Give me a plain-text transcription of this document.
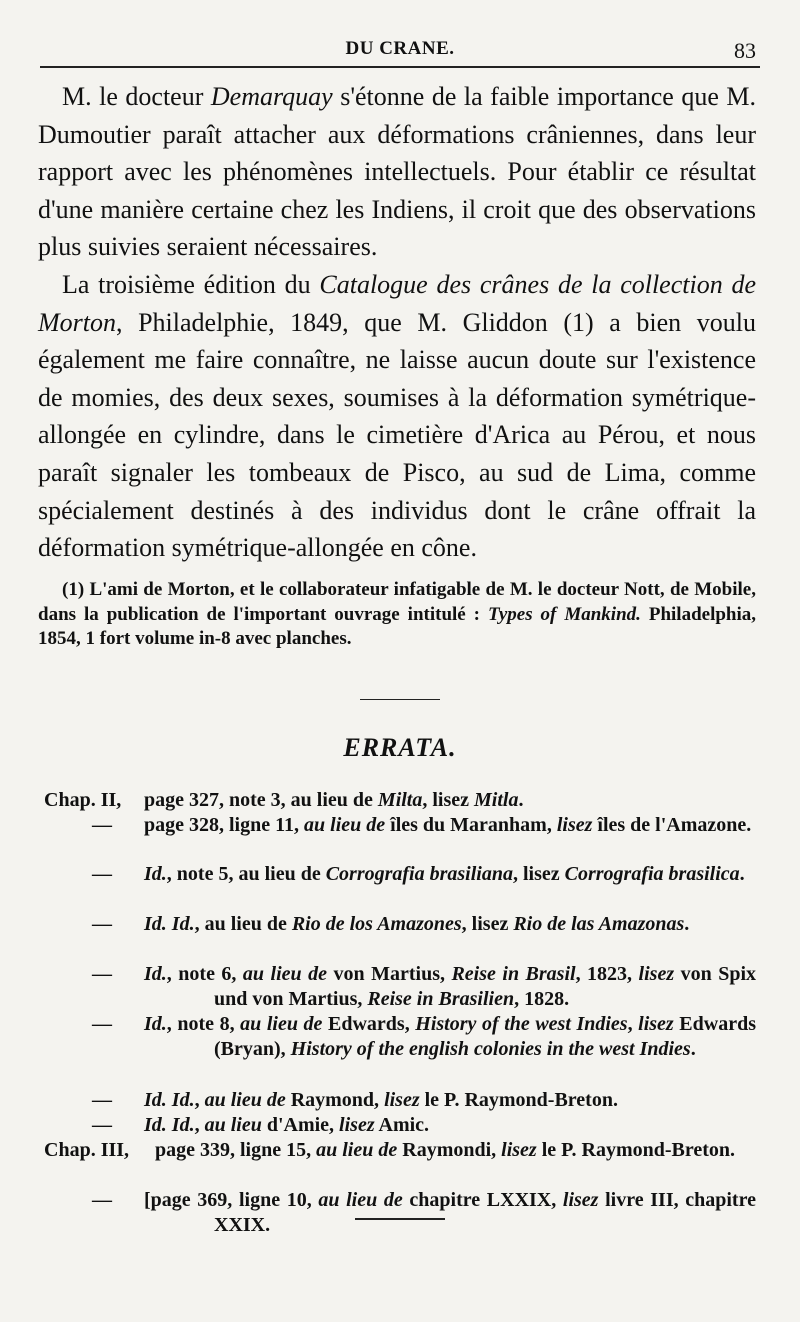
DU CRANE.	83

M. le docteur Demarquay s'étonne de la faible importance que M. Dumoutier paraît attacher aux déformations crâniennes, dans leur rapport avec les phénomènes intellectuels. Pour établir ce résultat d'une manière certaine chez les Indiens, il croit que des observations plus suivies seraient nécessaires.

La troisième édition du Catalogue des crânes de la collection de Morton, Philadelphie, 1849, que M. Gliddon (1) a bien voulu également me faire connaître, ne laisse aucun doute sur l'existence de momies, des deux sexes, soumises à la déformation symétrique-allongée en cylindre, dans le cimetière d'Arica au Pérou, et nous paraît signaler les tombeaux de Pisco, au sud de Lima, comme spécialement destinés à des individus dont le crâne offrait la déformation symétrique-allongée en cône.

(1) L'ami de Morton, et le collaborateur infatigable de M. le docteur Nott, de Mobile, dans la publication de l'important ouvrage intitulé : Types of Mankind. Philadelphia, 1854, 1 fort volume in-8 avec planches.

ERRATA.
Chap. II, page 327, note 3, au lieu de Milta, lisez Mitla.
— page 328, ligne 11, au lieu de îles du Maranham, lisez îles de l'Amazone.
— Id., note 5, au lieu de Corrografia brasiliana, lisez Corrografia brasilica.
— Id. Id., au lieu de Rio de los Amazones, lisez Rio de las Amazonas.
— Id., note 6, au lieu de von Martius, Reise in Brasil, 1823, lisez von Spix und von Martius, Reise in Brasilien, 1828.
— Id., note 8, au lieu de Edwards, History of the west Indies, lisez Edwards (Bryan), History of the english colonies in the west Indies.
— Id. Id., au lieu de Raymond, lisez le P. Raymond-Breton.
— Id. Id., au lieu d'Amie, lisez Amic.
Chap. III, page 339, ligne 15, au lieu de Raymondi, lisez le P. Raymond-Breton.
— [page 369, ligne 10, au lieu de chapitre LXXIX, lisez livre III, chapitre XXIX.
